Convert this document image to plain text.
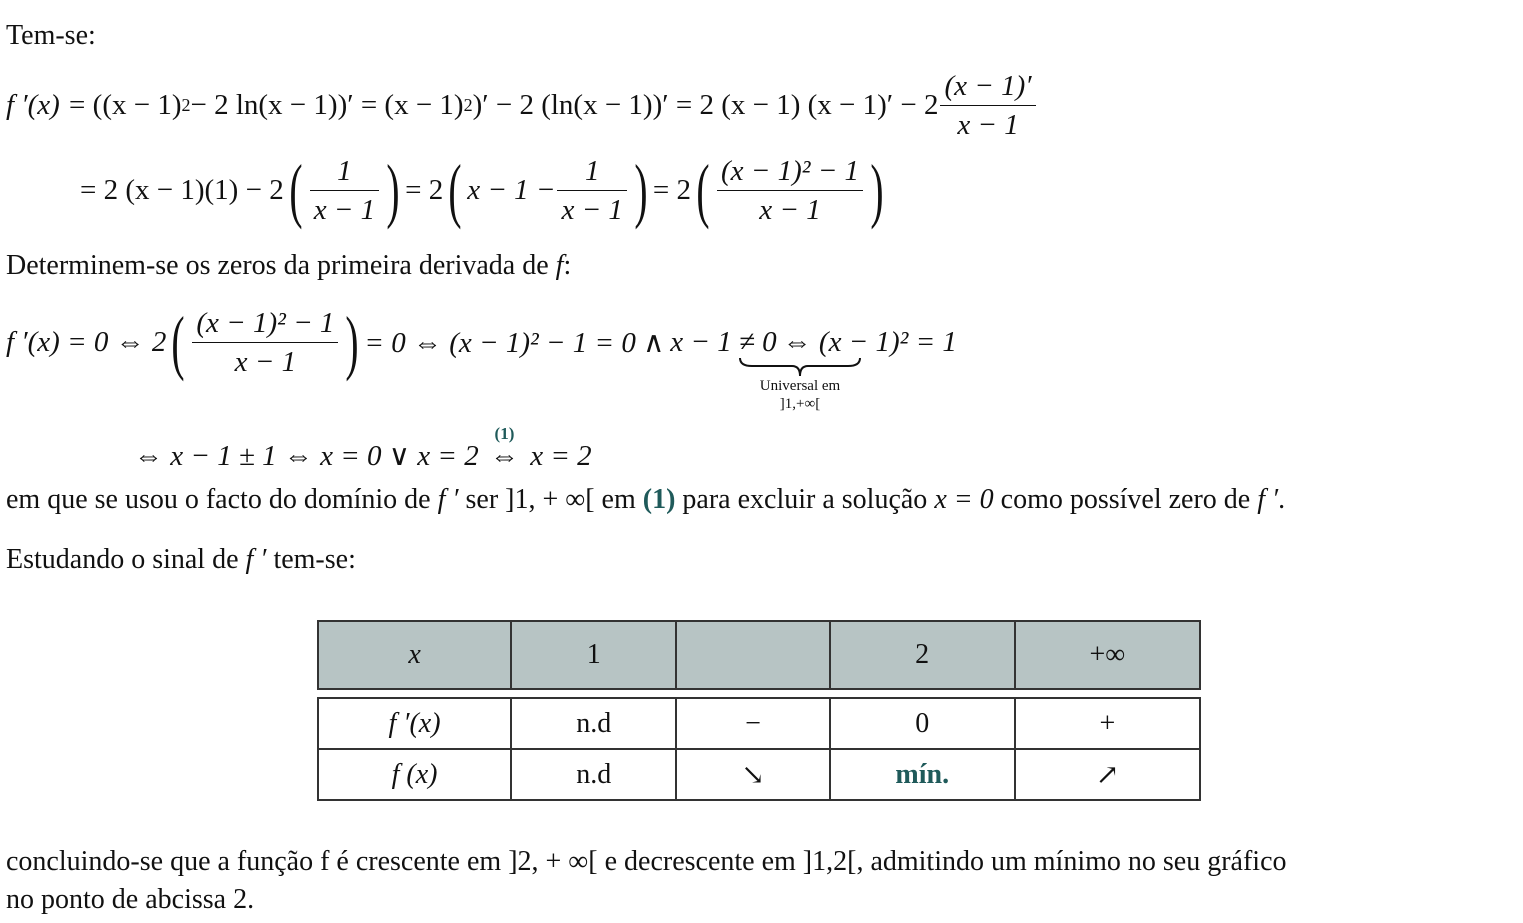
Tem-se:
f ′(x) = ((x − 1) 2 − 2 ln(x − 1))′ = (x − 1) 2 )′ − 2 (ln(x − 1))′ = 2 (x − 1) $(x - 1)' - 2 \frac{(x - 1)'}{x - 1}$
= 2 (x − 1)(1) − 2 ( $\frac{1}{x - 1}$ ) = 2 ( $x - 1 - \frac{1}{x - 1}$ ) = 2 ( $\frac{\text{(x − 1)² − 1}}{x - 1}$ )
Determinem-se os zeros da primeira derivada de f:
f ′(x) = 0 ⇔ 2 ( $\frac{\text{(x − 1)² − 1}}{x - 1}$ ) = 0 ⇔ (x − 1)² − 1 = 0 ∧ x − 1 ≠ 0 ⇔ (x − 1)² = 1
Universal em
]1,+∞[
⇔ x − 1 ± 1 ⇔ x = 0 ∨ x = 2
(1)
⇔ x = 2
em que se usou o facto do domínio de f ′ ser ]1, + ∞[ em (1) para excluir a solução x = 0 como possível zero de f ′.
Estudando o sinal de f ′ tem-se:
x	1		2	+∞
f ′(x)	n.d	−	0	+
f (x)	n.d	↘	mín.	↗
concluindo-se que a função f é crescente em ]2, + ∞[ e decrescente em ]1,2[, admitindo um mínimo no seu gráfico
no ponto de abcissa 2.
